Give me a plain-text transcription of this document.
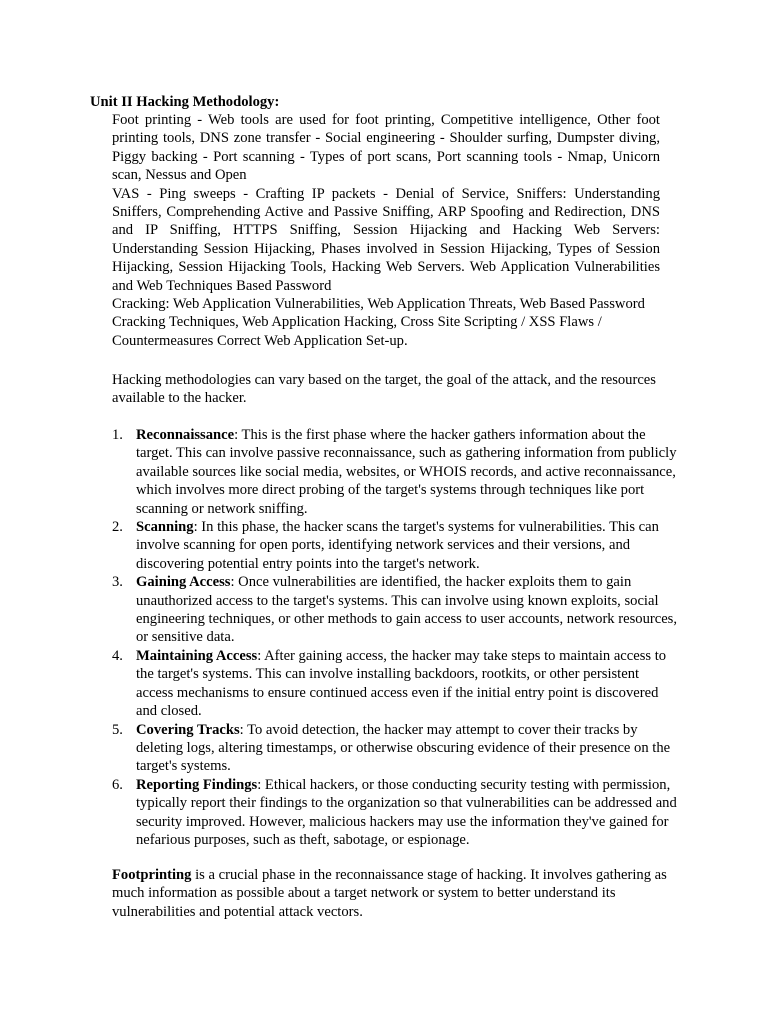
Unit II Hacking Methodology:

Foot printing - Web tools are used for foot printing, Competitive intelligence, Other foot printing tools, DNS zone transfer - Social engineering - Shoulder surfing, Dumpster diving, Piggy backing - Port scanning - Types of port scans, Port scanning tools - Nmap, Unicorn scan, Nessus and Open

VAS - Ping sweeps - Crafting IP packets - Denial of Service, Sniffers: Understanding Sniffers, Comprehending Active and Passive Sniffing, ARP Spoofing and Redirection, DNS and IP Sniffing, HTTPS Sniffing, Session Hijacking and Hacking Web Servers: Understanding Session Hijacking, Phases involved in Session Hijacking, Types of Session Hijacking, Session Hijacking Tools, Hacking Web Servers. Web Application Vulnerabilities and Web Techniques Based Password

Cracking: Web Application Vulnerabilities, Web Application Threats, Web Based Password Cracking Techniques, Web Application Hacking, Cross Site Scripting / XSS Flaws / Countermeasures Correct Web Application Set-up.

Hacking methodologies can vary based on the target, the goal of the attack, and the resources available to the hacker.

1. Reconnaissance: This is the first phase where the hacker gathers information about the target. This can involve passive reconnaissance, such as gathering information from publicly available sources like social media, websites, or WHOIS records, and active reconnaissance, which involves more direct probing of the target's systems through techniques like port scanning or network sniffing.
2. Scanning: In this phase, the hacker scans the target's systems for vulnerabilities. This can involve scanning for open ports, identifying network services and their versions, and discovering potential entry points into the target's network.
3. Gaining Access: Once vulnerabilities are identified, the hacker exploits them to gain unauthorized access to the target's systems. This can involve using known exploits, social engineering techniques, or other methods to gain access to user accounts, network resources, or sensitive data.
4. Maintaining Access: After gaining access, the hacker may take steps to maintain access to the target's systems. This can involve installing backdoors, rootkits, or other persistent access mechanisms to ensure continued access even if the initial entry point is discovered and closed.
5. Covering Tracks: To avoid detection, the hacker may attempt to cover their tracks by deleting logs, altering timestamps, or otherwise obscuring evidence of their presence on the target's systems.
6. Reporting Findings: Ethical hackers, or those conducting security testing with permission, typically report their findings to the organization so that vulnerabilities can be addressed and security improved. However, malicious hackers may use the information they've gained for nefarious purposes, such as theft, sabotage, or espionage.

Footprinting is a crucial phase in the reconnaissance stage of hacking. It involves gathering as much information as possible about a target network or system to better understand its vulnerabilities and potential attack vectors.
